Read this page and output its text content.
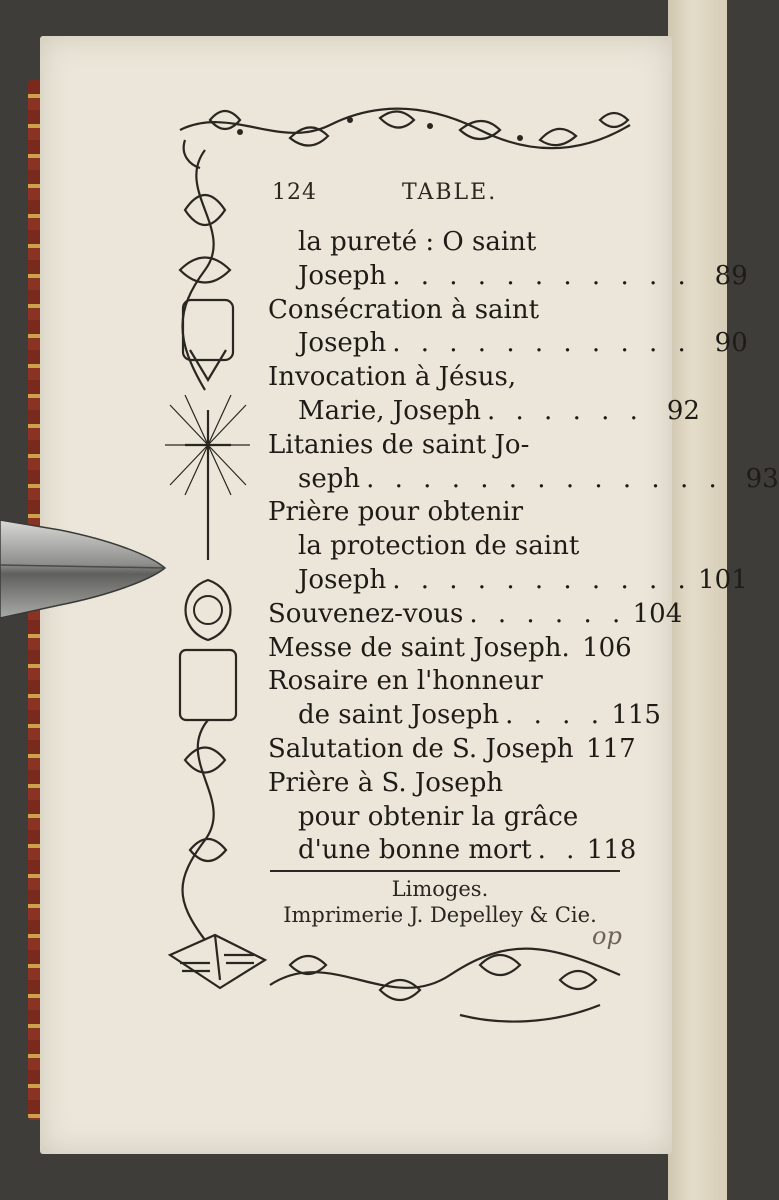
124	TABLE.
la pureté : O saint
Joseph . . . . . . . . . . . 89
Consécration à saint
Joseph . . . . . . . . . . . 90
Invocation à Jésus,
Marie, Joseph . . . . . . 92
Litanies de saint Jo-
seph . . . . . . . . . . . . . 93
Prière pour obtenir
la protection de saint
Joseph . . . . . . . . . . . 101
Souvenez-vous . . . . . . 104
Messe de saint Joseph. 106
Rosaire en l'honneur
de saint Joseph . . . . 115
Salutation de S. Joseph 117
Prière à S. Joseph
pour obtenir la grâce
d'une bonne mort . . 118
Limoges.
Imprimerie J. Depelley & Cie.
op
